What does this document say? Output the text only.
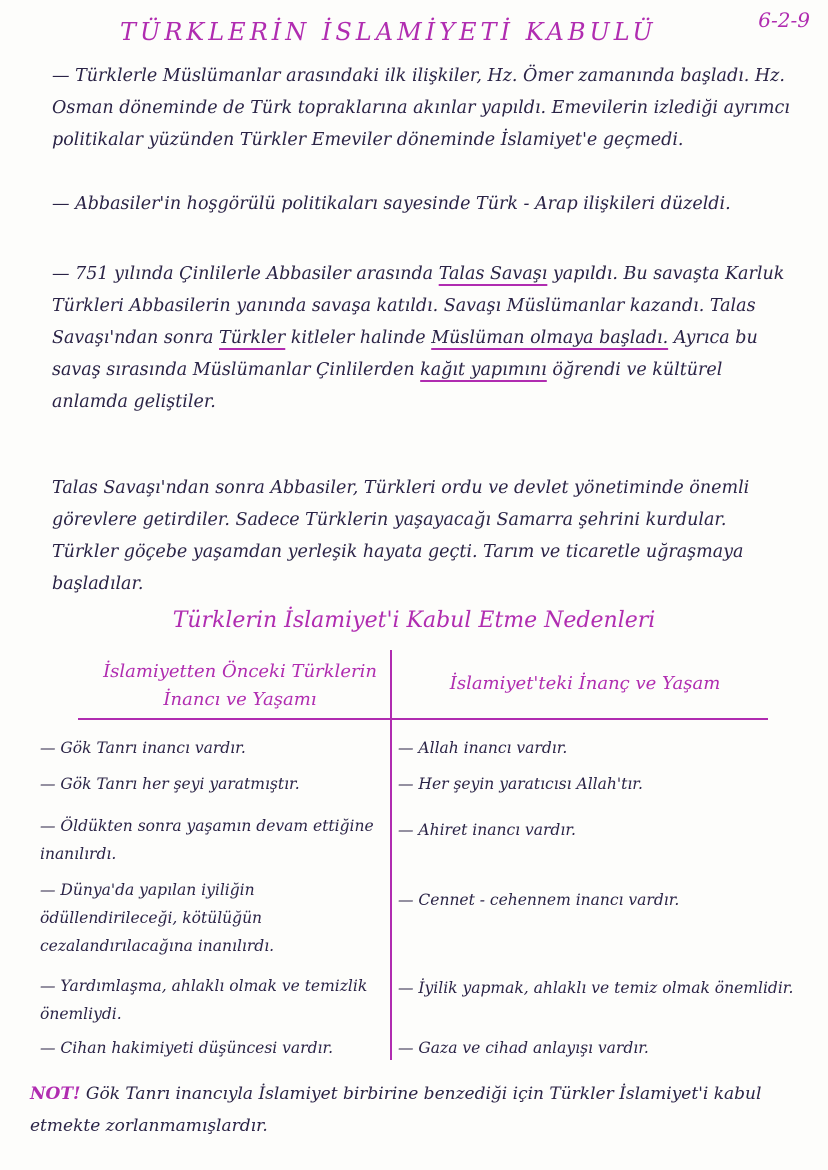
6-2-9
TÜRKLERİN İSLAMİYETİ KABULÜ
— Türklerle Müslümanlar arasındaki ilk ilişkiler, Hz. Ömer zamanında başladı. Hz. Osman döneminde de Türk topraklarına akınlar yapıldı. Emevilerin izlediği ayrımcı politikalar yüzünden Türkler Emeviler döneminde İslamiyet'e geçmedi.
— Abbasiler'in hoşgörülü politikaları sayesinde Türk - Arap ilişkileri düzeldi.
— 751 yılında Çinlilerle Abbasiler arasında Talas Savaşı yapıldı. Bu savaşta Karluk Türkleri Abbasilerin yanında savaşa katıldı. Savaşı Müslümanlar kazandı. Talas Savaşı'ndan sonra Türkler kitleler halinde Müslüman olmaya başladı. Ayrıca bu savaş sırasında Müslümanlar Çinlilerden kağıt yapımını öğrendi ve kültürel anlamda geliştiler.
Talas Savaşı'ndan sonra Abbasiler, Türkleri ordu ve devlet yönetiminde önemli görevlere getirdiler. Sadece Türklerin yaşayacağı Samarra şehrini kurdular. Türkler göçebe yaşamdan yerleşik hayata geçti. Tarım ve ticaretle uğraşmaya başladılar.
Türklerin İslamiyet'i Kabul Etme Nedenleri
İslamiyetten Önceki Türklerin İnancı ve Yaşamı
İslamiyet'teki İnanç ve Yaşam
— Gök Tanrı inancı vardır.
— Gök Tanrı her şeyi yaratmıştır.
— Öldükten sonra yaşamın devam ettiğine inanılırdı.
— Dünya'da yapılan iyiliğin ödüllendirileceği, kötülüğün cezalandırılacağına inanılırdı.
— Yardımlaşma, ahlaklı olmak ve temizlik önemliydi.
— Cihan hakimiyeti düşüncesi vardır.
— Allah inancı vardır.
— Her şeyin yaratıcısı Allah'tır.
— Ahiret inancı vardır.
— Cennet - cehennem inancı vardır.
— İyilik yapmak, ahlaklı ve temiz olmak önemlidir.
— Gaza ve cihad anlayışı vardır.
NOT! Gök Tanrı inancıyla İslamiyet birbirine benzediği için Türkler İslamiyet'i kabul etmekte zorlanmamışlardır.
